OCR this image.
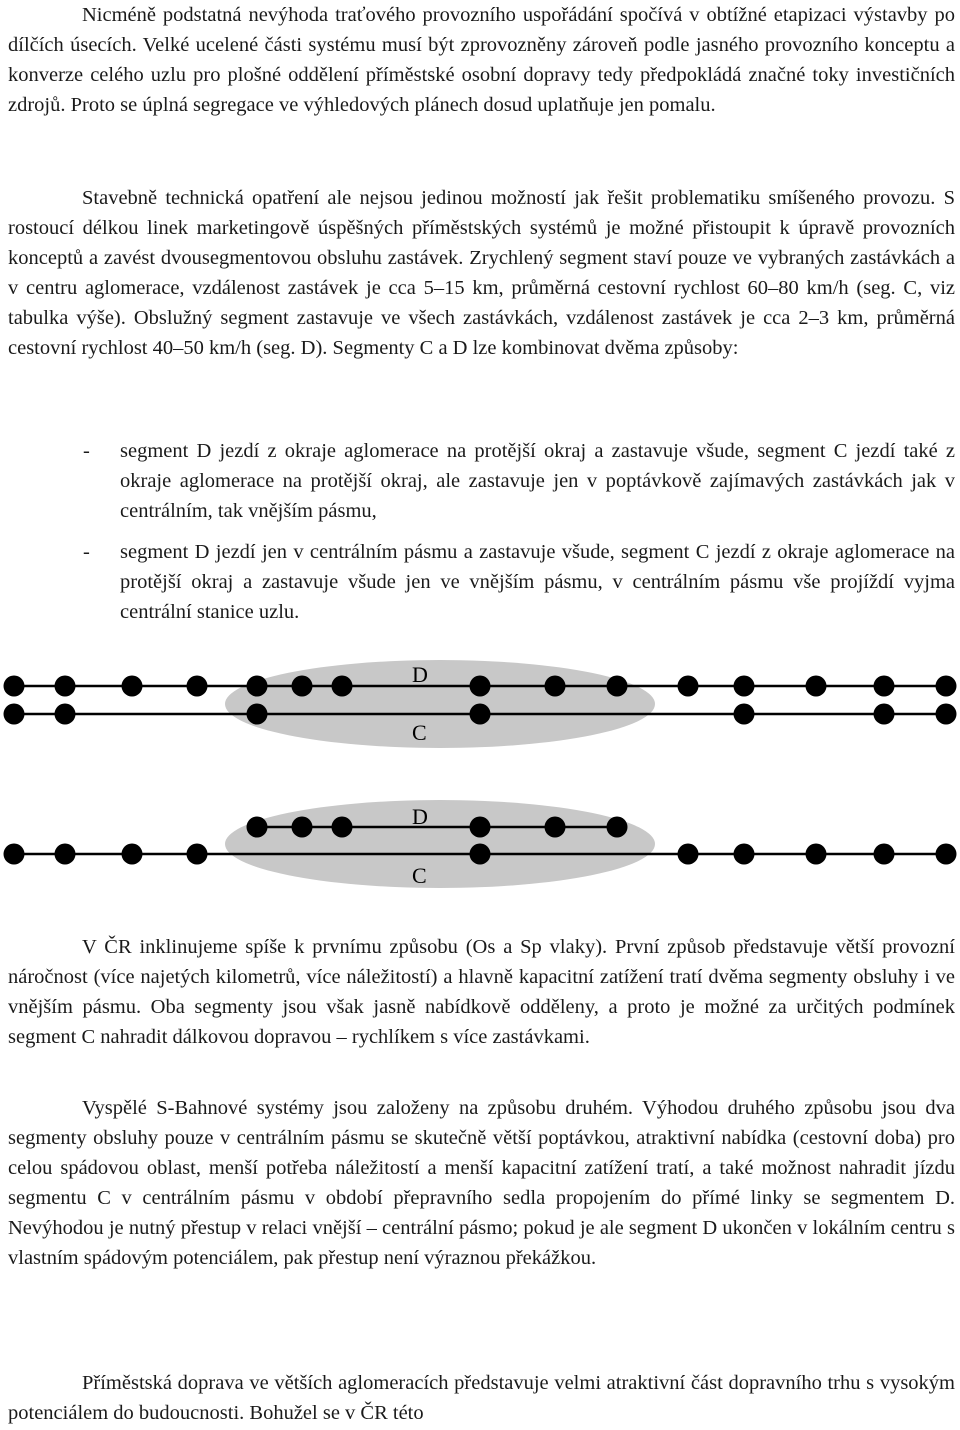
Nicméně podstatná nevýhoda traťového provozního uspořádání spočívá v obtížné etapizaci výstavby po dílčích úsecích. Velké ucelené části systému musí být zprovozněny zároveň podle jasného provozního konceptu a konverze celého uzlu pro plošné oddělení příměstské osobní dopravy tedy předpokládá značné toky investičních zdrojů. Proto se úplná segregace ve výhledových plánech dosud uplatňuje jen pomalu.

Stavebně technická opatření ale nejsou jedinou možností jak řešit problematiku smíšeného provozu. S rostoucí délkou linek marketingově úspěšných příměstských systémů je možné přistoupit k úpravě provozních konceptů a zavést dvousegmentovou obsluhu zastávek. Zrychlený segment staví pouze ve vybraných zastávkách a v centru aglomerace, vzdálenost zastávek je cca 5–15 km, průměrná cestovní rychlost 60–80 km/h (seg. C, viz tabulka výše). Obslužný segment zastavuje ve všech zastávkách, vzdálenost zastávek je cca 2–3 km, průměrná cestovní rychlost 40–50 km/h (seg. D). Segmenty C a D lze kombinovat dvěma způsoby:

- segment D jezdí z okraje aglomerace na protější okraj a zastavuje všude, segment C jezdí také z okraje aglomerace na protější okraj, ale zastavuje jen v poptávkově zajímavých zastávkách jak v centrálním, tak vnějším pásmu,
- segment D jezdí jen v centrálním pásmu a zastavuje všude, segment C jezdí z okraje aglomerace na protější okraj a zastavuje všude jen ve vnějším pásmu, v centrálním pásmu vše projíždí vyjma centrální stanice uzlu.

V ČR inklinujeme spíše k prvnímu způsobu (Os a Sp vlaky). První způsob představuje větší provozní náročnost (více najetých kilometrů, více náležitostí) a hlavně kapacitní zatížení tratí dvěma segmenty obsluhy i ve vnějším pásmu. Oba segmenty jsou však jasně nabídkově odděleny, a proto je možné za určitých podmínek segment C nahradit dálkovou dopravou – rychlíkem s více zastávkami.

Vyspělé S-Bahnové systémy jsou založeny na způsobu druhém. Výhodou druhého způsobu jsou dva segmenty obsluhy pouze v centrálním pásmu se skutečně větší poptávkou, atraktivní nabídka (cestovní doba) pro celou spádovou oblast, menší potřeba náležitostí a menší kapacitní zatížení tratí, a také možnost nahradit jízdu segmentu C v centrálním pásmu v období přepravního sedla propojením do přímé linky se segmentem D. Nevýhodou je nutný přestup v relaci vnější – centrální pásmo; pokud je ale segment D ukončen v lokálním centru s vlastním spádovým potenciálem, pak přestup není výraznou překážkou.

Příměstská doprava ve větších aglomeracích představuje velmi atraktivní část dopravního trhu s vysokým potenciálem do budoucnosti. Bohužel se v ČR této

D
C
D
C
